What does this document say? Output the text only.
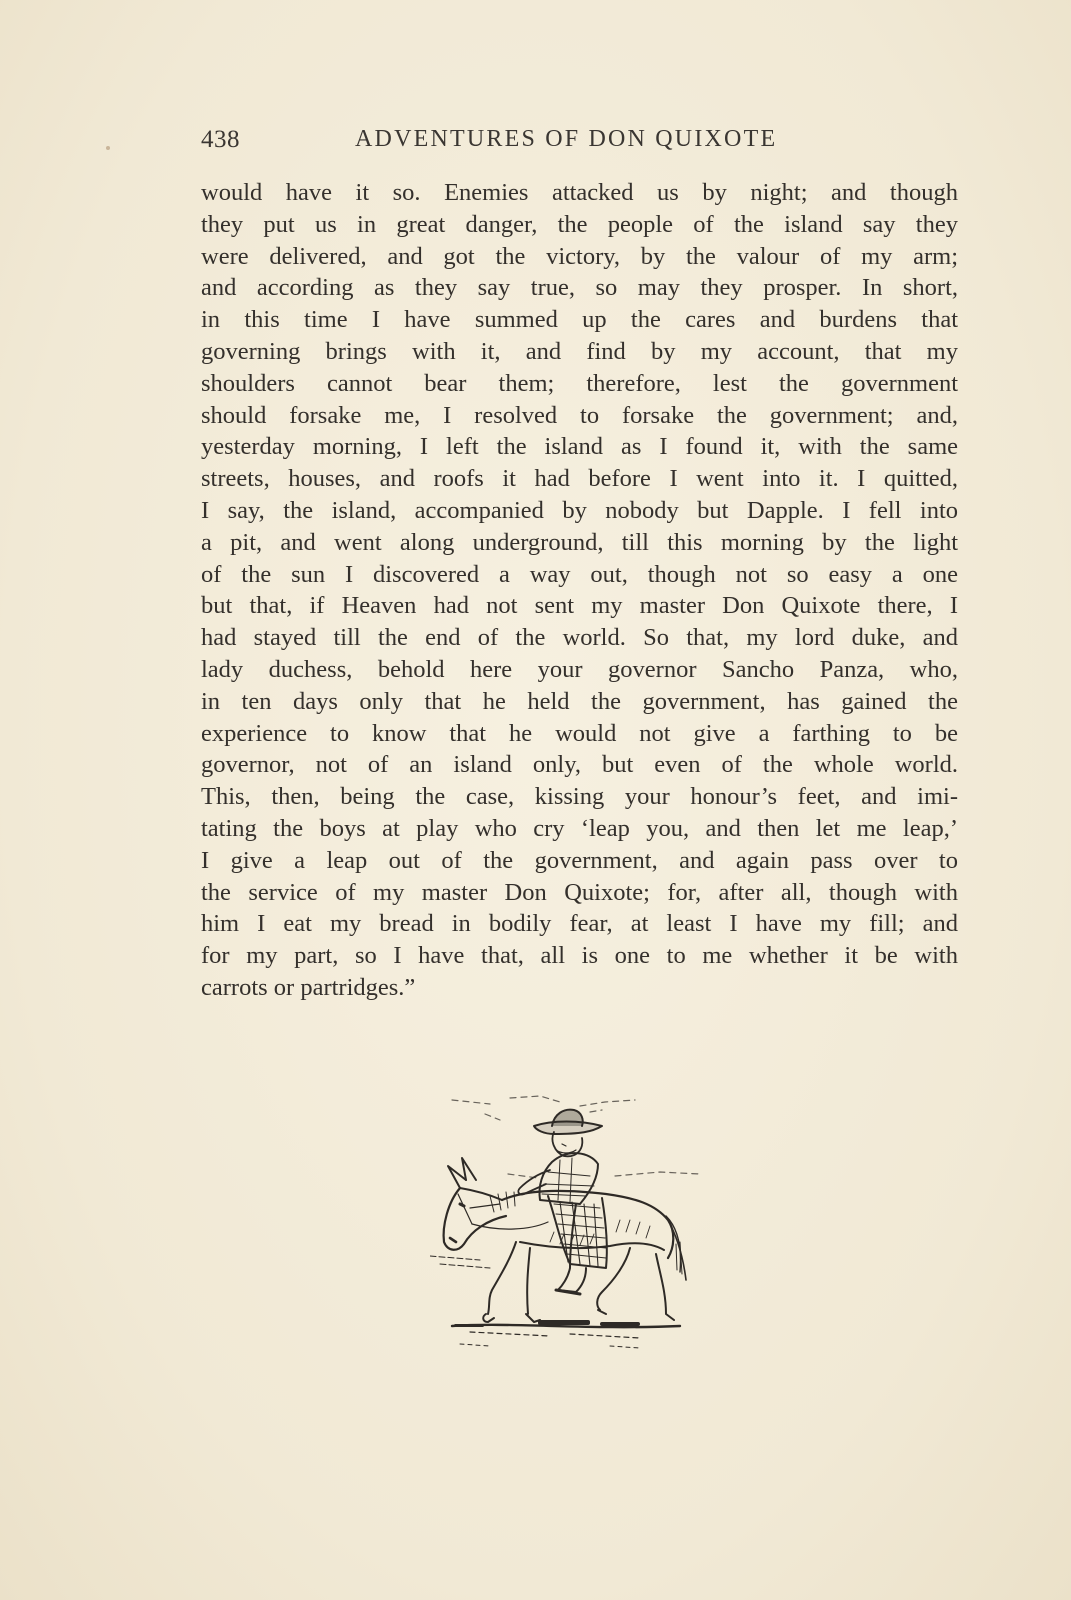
438	ADVENTURES OF DON QUIXOTE
would have it so. Enemies attacked us by night; and though
they put us in great danger, the people of the island say they
were delivered, and got the victory, by the valour of my arm;
and according as they say true, so may they prosper. In short,
in this time I have summed up the cares and burdens that
governing brings with it, and find by my account, that my
shoulders cannot bear them; therefore, lest the government
should forsake me, I resolved to forsake the government; and,
yesterday morning, I left the island as I found it, with the same
streets, houses, and roofs it had before I went into it. I quitted,
I say, the island, accompanied by nobody but Dapple. I fell into
a pit, and went along underground, till this morning by the light
of the sun I discovered a way out, though not so easy a one
but that, if Heaven had not sent my master Don Quixote there, I
had stayed till the end of the world. So that, my lord duke, and
lady duchess, behold here your governor Sancho Panza, who,
in ten days only that he held the government, has gained the
experience to know that he would not give a farthing to be
governor, not of an island only, but even of the whole world.
This, then, being the case, kissing your honour’s feet, and imi-
tating the boys at play who cry ‘leap you, and then let me leap,’
I give a leap out of the government, and again pass over to
the service of my master Don Quixote; for, after all, though with
him I eat my bread in bodily fear, at least I have my fill; and
for my part, so I have that, all is one to me whether it be with
carrots or partridges.”
